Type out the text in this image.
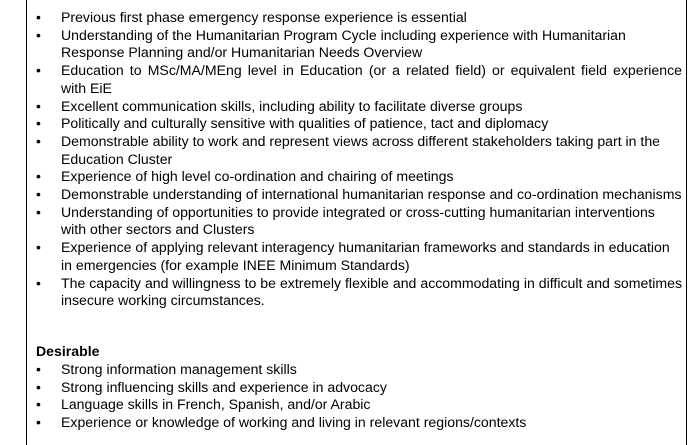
•	Previous first phase emergency response experience is essential
•	Understanding of the Humanitarian Program Cycle including experience with Humanitarian Response Planning and/or Humanitarian Needs Overview
•	Education to MSc/MA/MEng level in Education (or a related field) or equivalent field experience with EiE
•	Excellent communication skills, including ability to facilitate diverse groups
•	Politically and culturally sensitive with qualities of patience, tact and diplomacy
•	Demonstrable ability to work and represent views across different stakeholders taking part in the Education Cluster
•	Experience of high level co-ordination and chairing of meetings
•	Demonstrable understanding of international humanitarian response and co-ordination mechanisms
•	Understanding of opportunities to provide integrated or cross-cutting humanitarian interventions with other sectors and Clusters
•	Experience of applying relevant interagency humanitarian frameworks and standards in education in emergencies (for example INEE Minimum Standards)
•	The capacity and willingness to be extremely flexible and accommodating in difficult and sometimes insecure working circumstances.
Desirable
•	Strong information management skills
•	Strong influencing skills and experience in advocacy
•	Language skills in French, Spanish, and/or Arabic
•	Experience or knowledge of working and living in relevant regions/contexts
